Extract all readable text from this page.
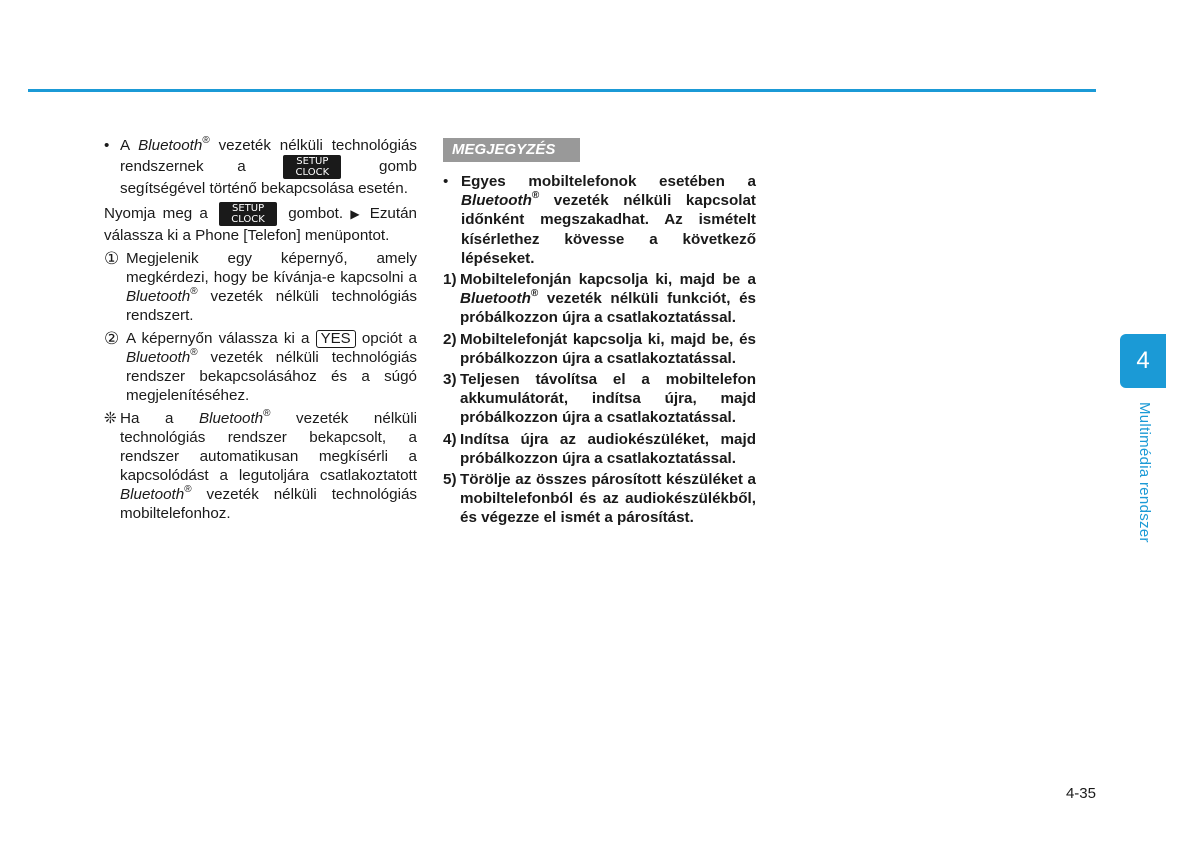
• A Bluetooth® vezeték nélküli technológiás rendszernek a	SETUP
CLOCK	gomb segítségével történő bekapcsolása esetén.

Nyomja meg a	SETUP
CLOCK	gombot. ▶ Ezután válassza ki a Phone [Telefon] menüpontot.

① Megjelenik egy képernyő, amely megkérdezi, hogy be kívánja-e kapcsolni a Bluetooth® vezeték nélküli technológiás rendszert.

② A képernyőn válassza ki a YES opciót a Bluetooth® vezeték nélküli technológiás rendszer bekapcsolásához és a súgó megjelenítéséhez.

❊ Ha a Bluetooth® vezeték nélküli technológiás rendszer bekapcsolt, a rendszer automatikusan megkísérli a kapcsolódást a legutoljára csatlakoztatott Bluetooth® vezeték nélküli technológiás mobiltelefonhoz.

MEGJEGYZÉS

• Egyes mobiltelefonok esetében a Bluetooth® vezeték nélküli kapcsolat időnként megszakadhat. Az ismételt kísérlethez kövesse a következő lépéseket.

1) Mobiltelefonján kapcsolja ki, majd be a Bluetooth® vezeték nélküli funkciót, és próbálkozzon újra a csatlakoztatással.

2) Mobiltelefonját kapcsolja ki, majd be, és próbálkozzon újra a csatlakoztatással.

3) Teljesen távolítsa el a mobiltelefon akkumulátorát, indítsa újra, majd próbálkozzon újra a csatlakoztatással.

4) Indítsa újra az audiokészüléket, majd próbálkozzon újra a csatlakoztatással.

5) Törölje az összes párosított készüléket a mobiltelefonból és az audiokészülékből, és végezze el ismét a párosítást.

4
Multimédia rendszer
4-35
